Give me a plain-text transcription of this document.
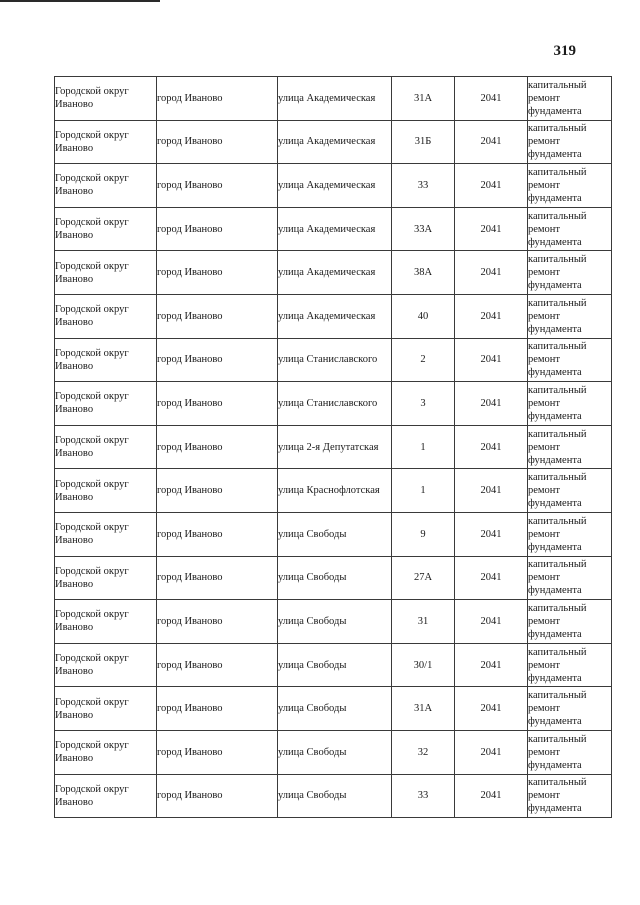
319
Городской округ Иваново	город Иваново	улица Академическая	31А	2041	капитальный
ремонт
фундамента

Городской округ Иваново	город Иваново	улица Академическая	31Б	2041	капитальный
ремонт
фундамента

Городской округ Иваново	город Иваново	улица Академическая	33	2041	капитальный
ремонт
фундамента

Городской округ Иваново	город Иваново	улица Академическая	33А	2041	капитальный
ремонт
фундамента

Городской округ Иваново	город Иваново	улица Академическая	38А	2041	капитальный
ремонт
фундамента

Городской округ Иваново	город Иваново	улица Академическая	40	2041	капитальный
ремонт
фундамента

Городской округ Иваново	город Иваново	улица Станиславского	2	2041	капитальный
ремонт
фундамента

Городской округ Иваново	город Иваново	улица Станиславского	3	2041	капитальный
ремонт
фундамента

Городской округ Иваново	город Иваново	улица 2-я Депутатская	1	2041	капитальный
ремонт
фундамента

Городской округ Иваново	город Иваново	улица Краснофлотская	1	2041	капитальный
ремонт
фундамента

Городской округ Иваново	город Иваново	улица Свободы	9	2041	капитальный
ремонт
фундамента

Городской округ Иваново	город Иваново	улица Свободы	27А	2041	капитальный
ремонт
фундамента

Городской округ Иваново	город Иваново	улица Свободы	31	2041	капитальный
ремонт
фундамента

Городской округ Иваново	город Иваново	улица Свободы	30/1	2041	капитальный
ремонт
фундамента

Городской округ Иваново	город Иваново	улица Свободы	31А	2041	капитальный
ремонт
фундамента

Городской округ Иваново	город Иваново	улица Свободы	32	2041	капитальный
ремонт
фундамента

Городской округ Иваново	город Иваново	улица Свободы	33	2041	капитальный
ремонт
фундамента
